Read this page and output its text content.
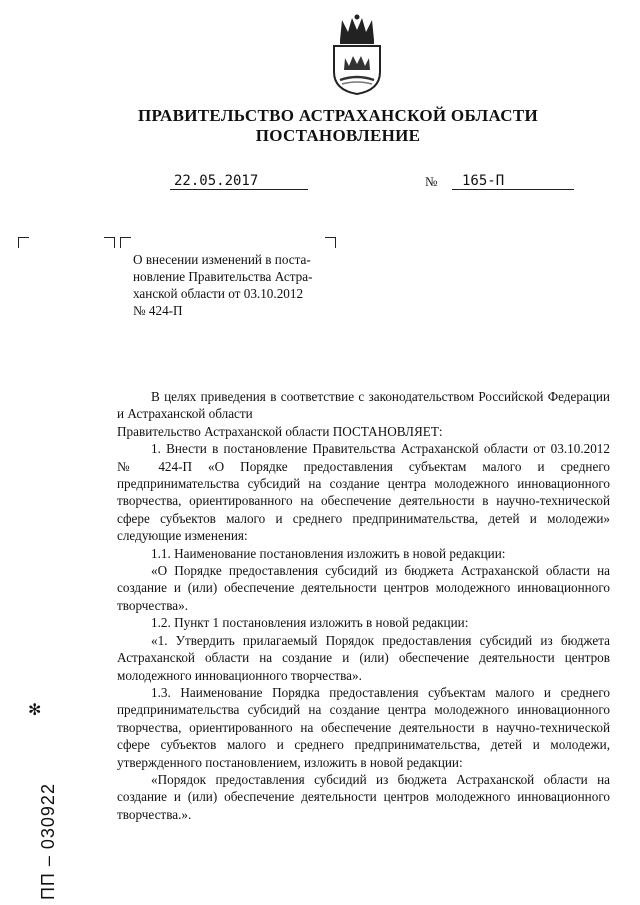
ПРАВИТЕЛЬСТВО АСТРАХАНСКОЙ ОБЛАСТИ
ПОСТАНОВЛЕНИЕ
22.05.2017	№	165-П
О внесении изменений в поста-
новление Правительства Астра-
ханской области от 03.10.2012
№ 424-П

В целях приведения в соответствие с законодательством Российской Федерации и Астраханской области

Правительство Астраханской области ПОСТАНОВЛЯЕТ:

1. Внести в постановление Правительства Астраханской области от 03.10.2012 № 424-П «О Порядке предоставления субъектам малого и среднего предпринимательства субсидий на создание центра молодежного инновационного творчества, ориентированного на обеспечение деятельности в научно-технической сфере субъектов малого и среднего предпринимательства, детей и молодежи» следующие изменения:

1.1. Наименование постановления изложить в новой редакции:

«О Порядке предоставления субсидий из бюджета Астраханской области на создание и (или) обеспечение деятельности центров молодежного инновационного творчества».

1.2. Пункт 1 постановления изложить в новой редакции:

«1. Утвердить прилагаемый Порядок предоставления субсидий из бюджета Астраханской области на создание и (или) обеспечение деятельности центров молодежного инновационного творчества».

1.3. Наименование Порядка предоставления субъектам малого и среднего предпринимательства субсидий на создание центра молодежного инновационного творчества, ориентированного на обеспечение деятельности в научно-технической сфере субъектов малого и среднего предпринимательства, детей и молодежи, утвержденного постановлением, изложить в новой редакции:

«Порядок предоставления субсидий из бюджета Астраханской области на создание и (или) обеспечение деятельности центров молодежного инновационного творчества.».

✻
ПП – 030922
